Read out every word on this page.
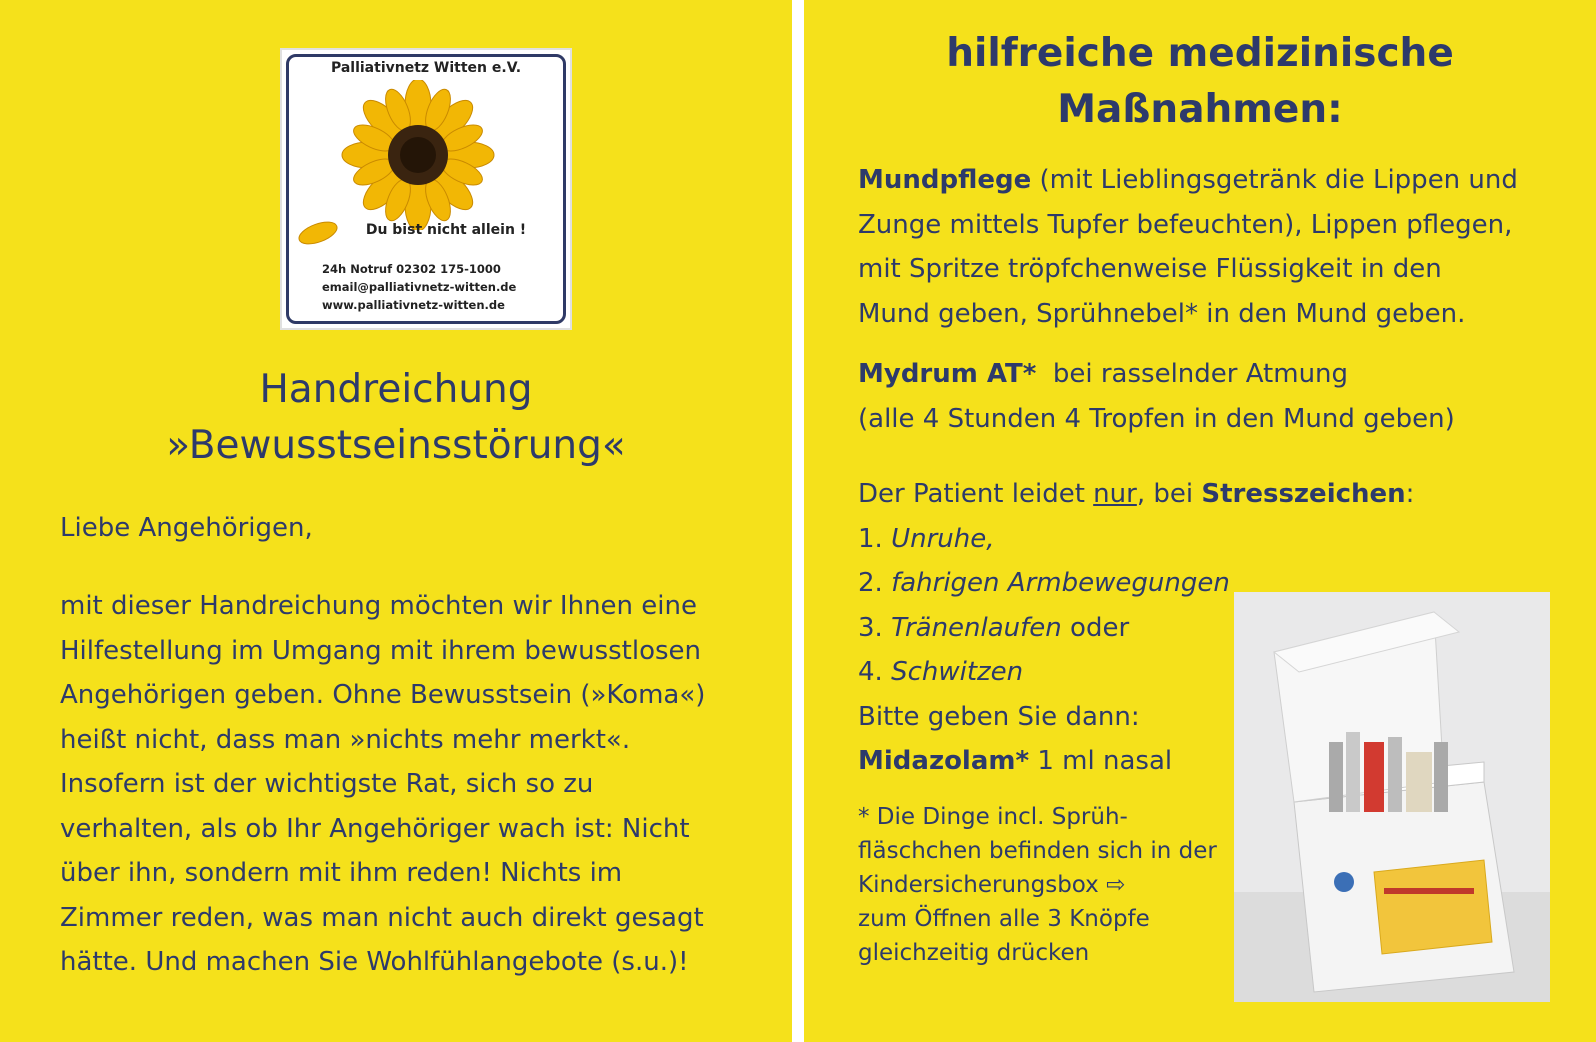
Palliativnetz Witten e.V.
Du bist nicht allein !
24h Notruf 02302 175-1000
email@palliativnetz-witten.de
www.palliativnetz-witten.de
Handreichung
»Bewusstseinsstörung«
Liebe Angehörigen,
mit dieser Handreichung möchten wir Ihnen eine
Hilfestellung im Umgang mit ihrem bewusstlosen
Angehörigen geben. Ohne Bewusstsein (»Koma«)
heißt nicht, dass man »nichts mehr merkt«.
Insofern ist der wichtigste Rat, sich so zu
verhalten, als ob Ihr Angehöriger wach ist: Nicht
über ihn, sondern mit ihm reden! Nichts im
Zimmer reden, was man nicht auch direkt gesagt
hätte. Und machen Sie Wohlfühlangebote (s.u.)!
hilfreiche medizinische
Maßnahmen:
Mundpflege (mit Lieblingsgetränk die Lippen und
Zunge mittels Tupfer befeuchten), Lippen pflegen,
mit Spritze tröpfchenweise Flüssigkeit in den
Mund geben, Sprühnebel* in den Mund geben.
Mydrum AT*  bei rasselnder Atmung
(alle 4 Stunden 4 Tropfen in den Mund geben)
Der Patient leidet nur, bei Stresszeichen:
1. Unruhe,
2. fahrigen Armbewegungen
3. Tränenlaufen oder
4. Schwitzen
Bitte geben Sie dann:
Midazolam* 1 ml nasal
* Die Dinge incl. Sprüh-
fläschchen befinden sich in der
Kindersicherungsbox ⇨
zum Öffnen alle 3 Knöpfe
gleichzeitig drücken
